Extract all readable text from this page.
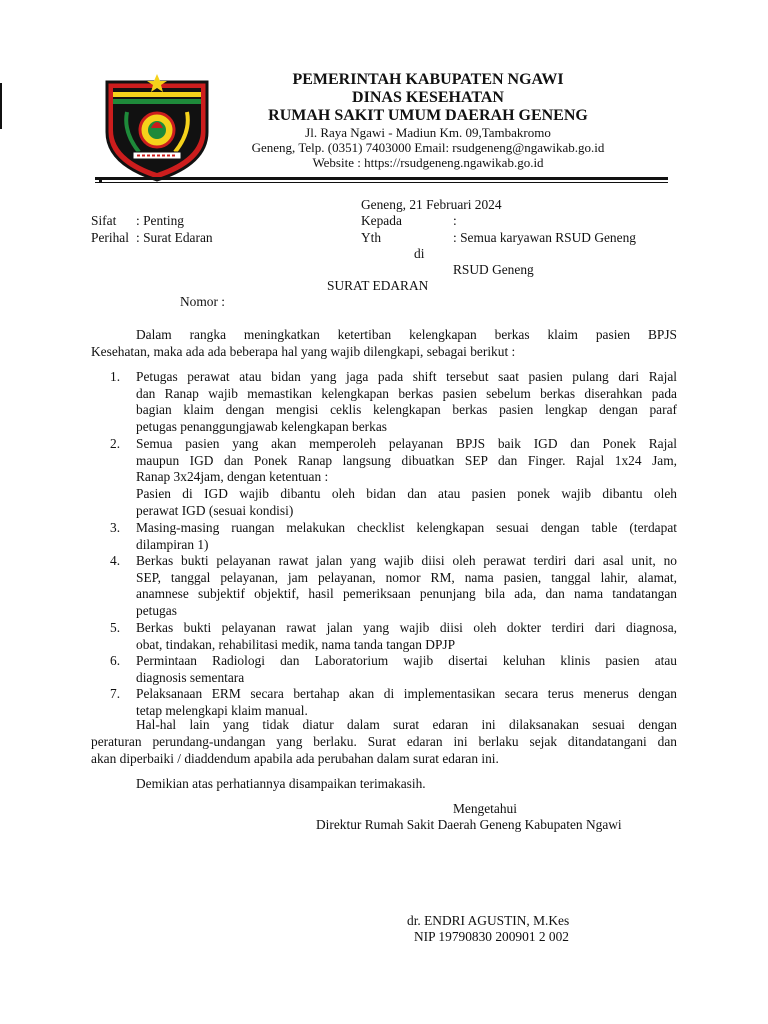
PEMERINTAH KABUPATEN NGAWI
DINAS KESEHATAN
RUMAH SAKIT UMUM DAERAH GENENG
Jl. Raya Ngawi - Madiun Km. 09,Tambakromo
Geneng, Telp. (0351) 7403000 Email: rsudgeneng@ngawikab.go.id
Website : https://rsudgeneng.ngawikab.go.id
Geneng, 21 Februari 2024
Sifat : Penting	Kepada	:
Perihal : Surat Edaran	Yth	: Semua karyawan RSUD Geneng
di
RSUD Geneng
SURAT EDARAN
Nomor :
Dalam rangka meningkatkan ketertiban kelengkapan berkas klaim pasien BPJS
Kesehatan, maka ada ada beberapa hal yang wajib dilengkapi, sebagai berikut :
1. Petugas perawat atau bidan yang jaga pada shift tersebut saat pasien pulang dari Rajal
dan Ranap wajib memastikan kelengkapan berkas pasien sebelum berkas diserahkan pada
bagian klaim dengan mengisi ceklis kelengkapan berkas pasien lengkap dengan paraf
petugas penanggungjawab kelengkapan berkas
2. Semua pasien yang akan memperoleh pelayanan BPJS baik IGD dan Ponek Rajal
maupun IGD dan Ponek Ranap langsung dibuatkan SEP dan Finger. Rajal 1x24 Jam,
Ranap 3x24jam, dengan ketentuan :
Pasien di IGD wajib dibantu oleh bidan dan atau pasien ponek wajib dibantu oleh
perawat IGD (sesuai kondisi)
3. Masing-masing ruangan melakukan checklist kelengkapan sesuai dengan table (terdapat
dilampiran 1)
4. Berkas bukti pelayanan rawat jalan yang wajib diisi oleh perawat terdiri dari asal unit, no
SEP, tanggal pelayanan, jam pelayanan, nomor RM, nama pasien, tanggal lahir, alamat,
anamnese subjektif objektif, hasil pemeriksaan penunjang bila ada, dan nama tandatangan
petugas
5. Berkas bukti pelayanan rawat jalan yang wajib diisi oleh dokter terdiri dari diagnosa,
obat, tindakan, rehabilitasi medik, nama tanda tangan DPJP
6. Permintaan Radiologi dan Laboratorium wajib disertai keluhan klinis pasien atau
diagnosis sementara
7. Pelaksanaan ERM secara bertahap akan di implementasikan secara terus menerus dengan
tetap melengkapi klaim manual.
Hal-hal lain yang tidak diatur dalam surat edaran ini dilaksanakan sesuai dengan
peraturan perundang-undangan yang berlaku. Surat edaran ini berlaku sejak ditandatangani dan
akan diperbaiki / diaddendum apabila ada perubahan dalam surat edaran ini.
Demikian atas perhatiannya disampaikan terimakasih.
Mengetahui
Direktur Rumah Sakit Daerah Geneng Kabupaten Ngawi
dr. ENDRI AGUSTIN, M.Kes
NIP 19790830 200901 2 002
